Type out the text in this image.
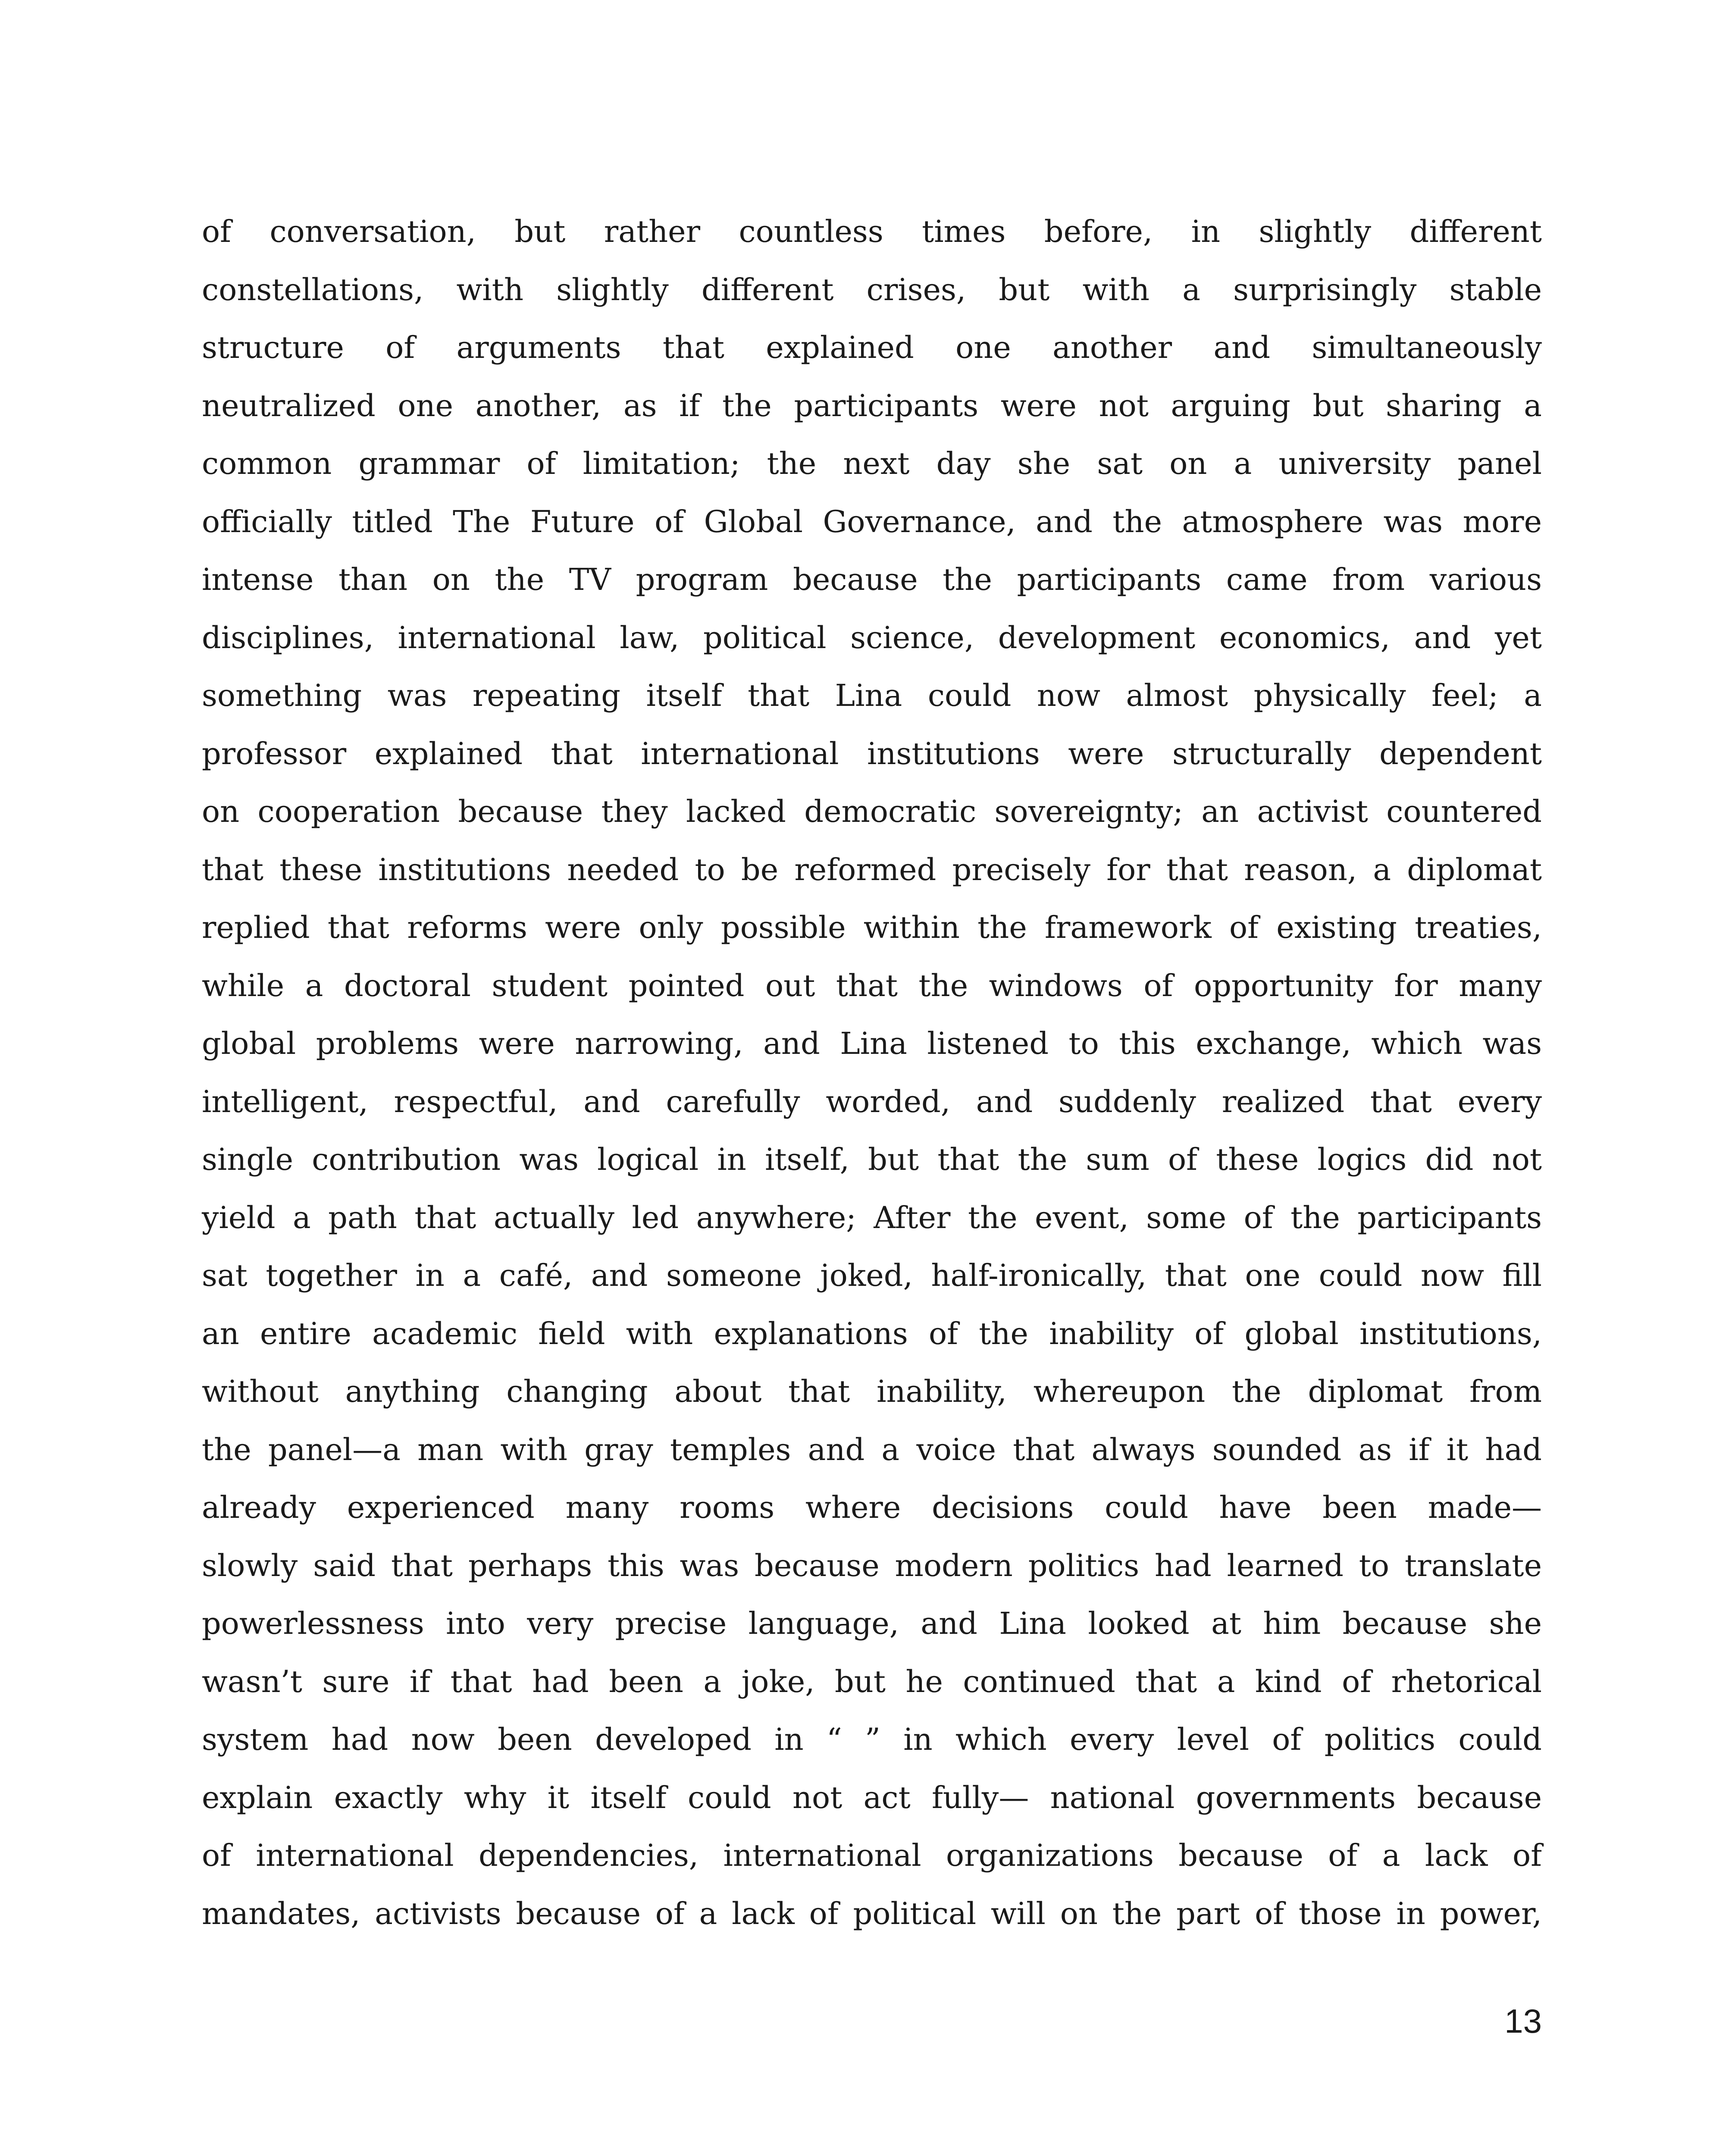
of conversation, but rather countless times before, in slightly different
constellations, with slightly different crises, but with a surprisingly stable
structure of arguments that explained one another and simultaneously
neutralized one another, as if the participants were not arguing but sharing a
common grammar of limitation; the next day she sat on a university panel
officially titled The Future of Global Governance, and the atmosphere was more
intense than on the TV program because the participants came from various
disciplines, international law, political science, development economics, and yet
something was repeating itself that Lina could now almost physically feel; a
professor explained that international institutions were structurally dependent
on cooperation because they lacked democratic sovereignty; an activist countered
that these institutions needed to be reformed precisely for that reason, a diplomat
replied that reforms were only possible within the framework of existing treaties,
while a doctoral student pointed out that the windows of opportunity for many
global problems were narrowing, and Lina listened to this exchange, which was
intelligent, respectful, and carefully worded, and suddenly realized that every
single contribution was logical in itself, but that the sum of these logics did not
yield a path that actually led anywhere; After the event, some of the participants
sat together in a café, and someone joked, half-ironically, that one could now fill
an entire academic field with explanations of the inability of global institutions,
without anything changing about that inability, whereupon the diplomat from
the panel—a man with gray temples and a voice that always sounded as if it had
already experienced many rooms where decisions could have been made—
slowly said that perhaps this was because modern politics had learned to translate
powerlessness into very precise language, and Lina looked at him because she
wasn’t sure if that had been a joke, but he continued that a kind of rhetorical
system had now been developed in “ ” in which every level of politics could
explain exactly why it itself could not act fully— national governments because
of international dependencies, international organizations because of a lack of
mandates, activists because of a lack of political will on the part of those in power,
13
